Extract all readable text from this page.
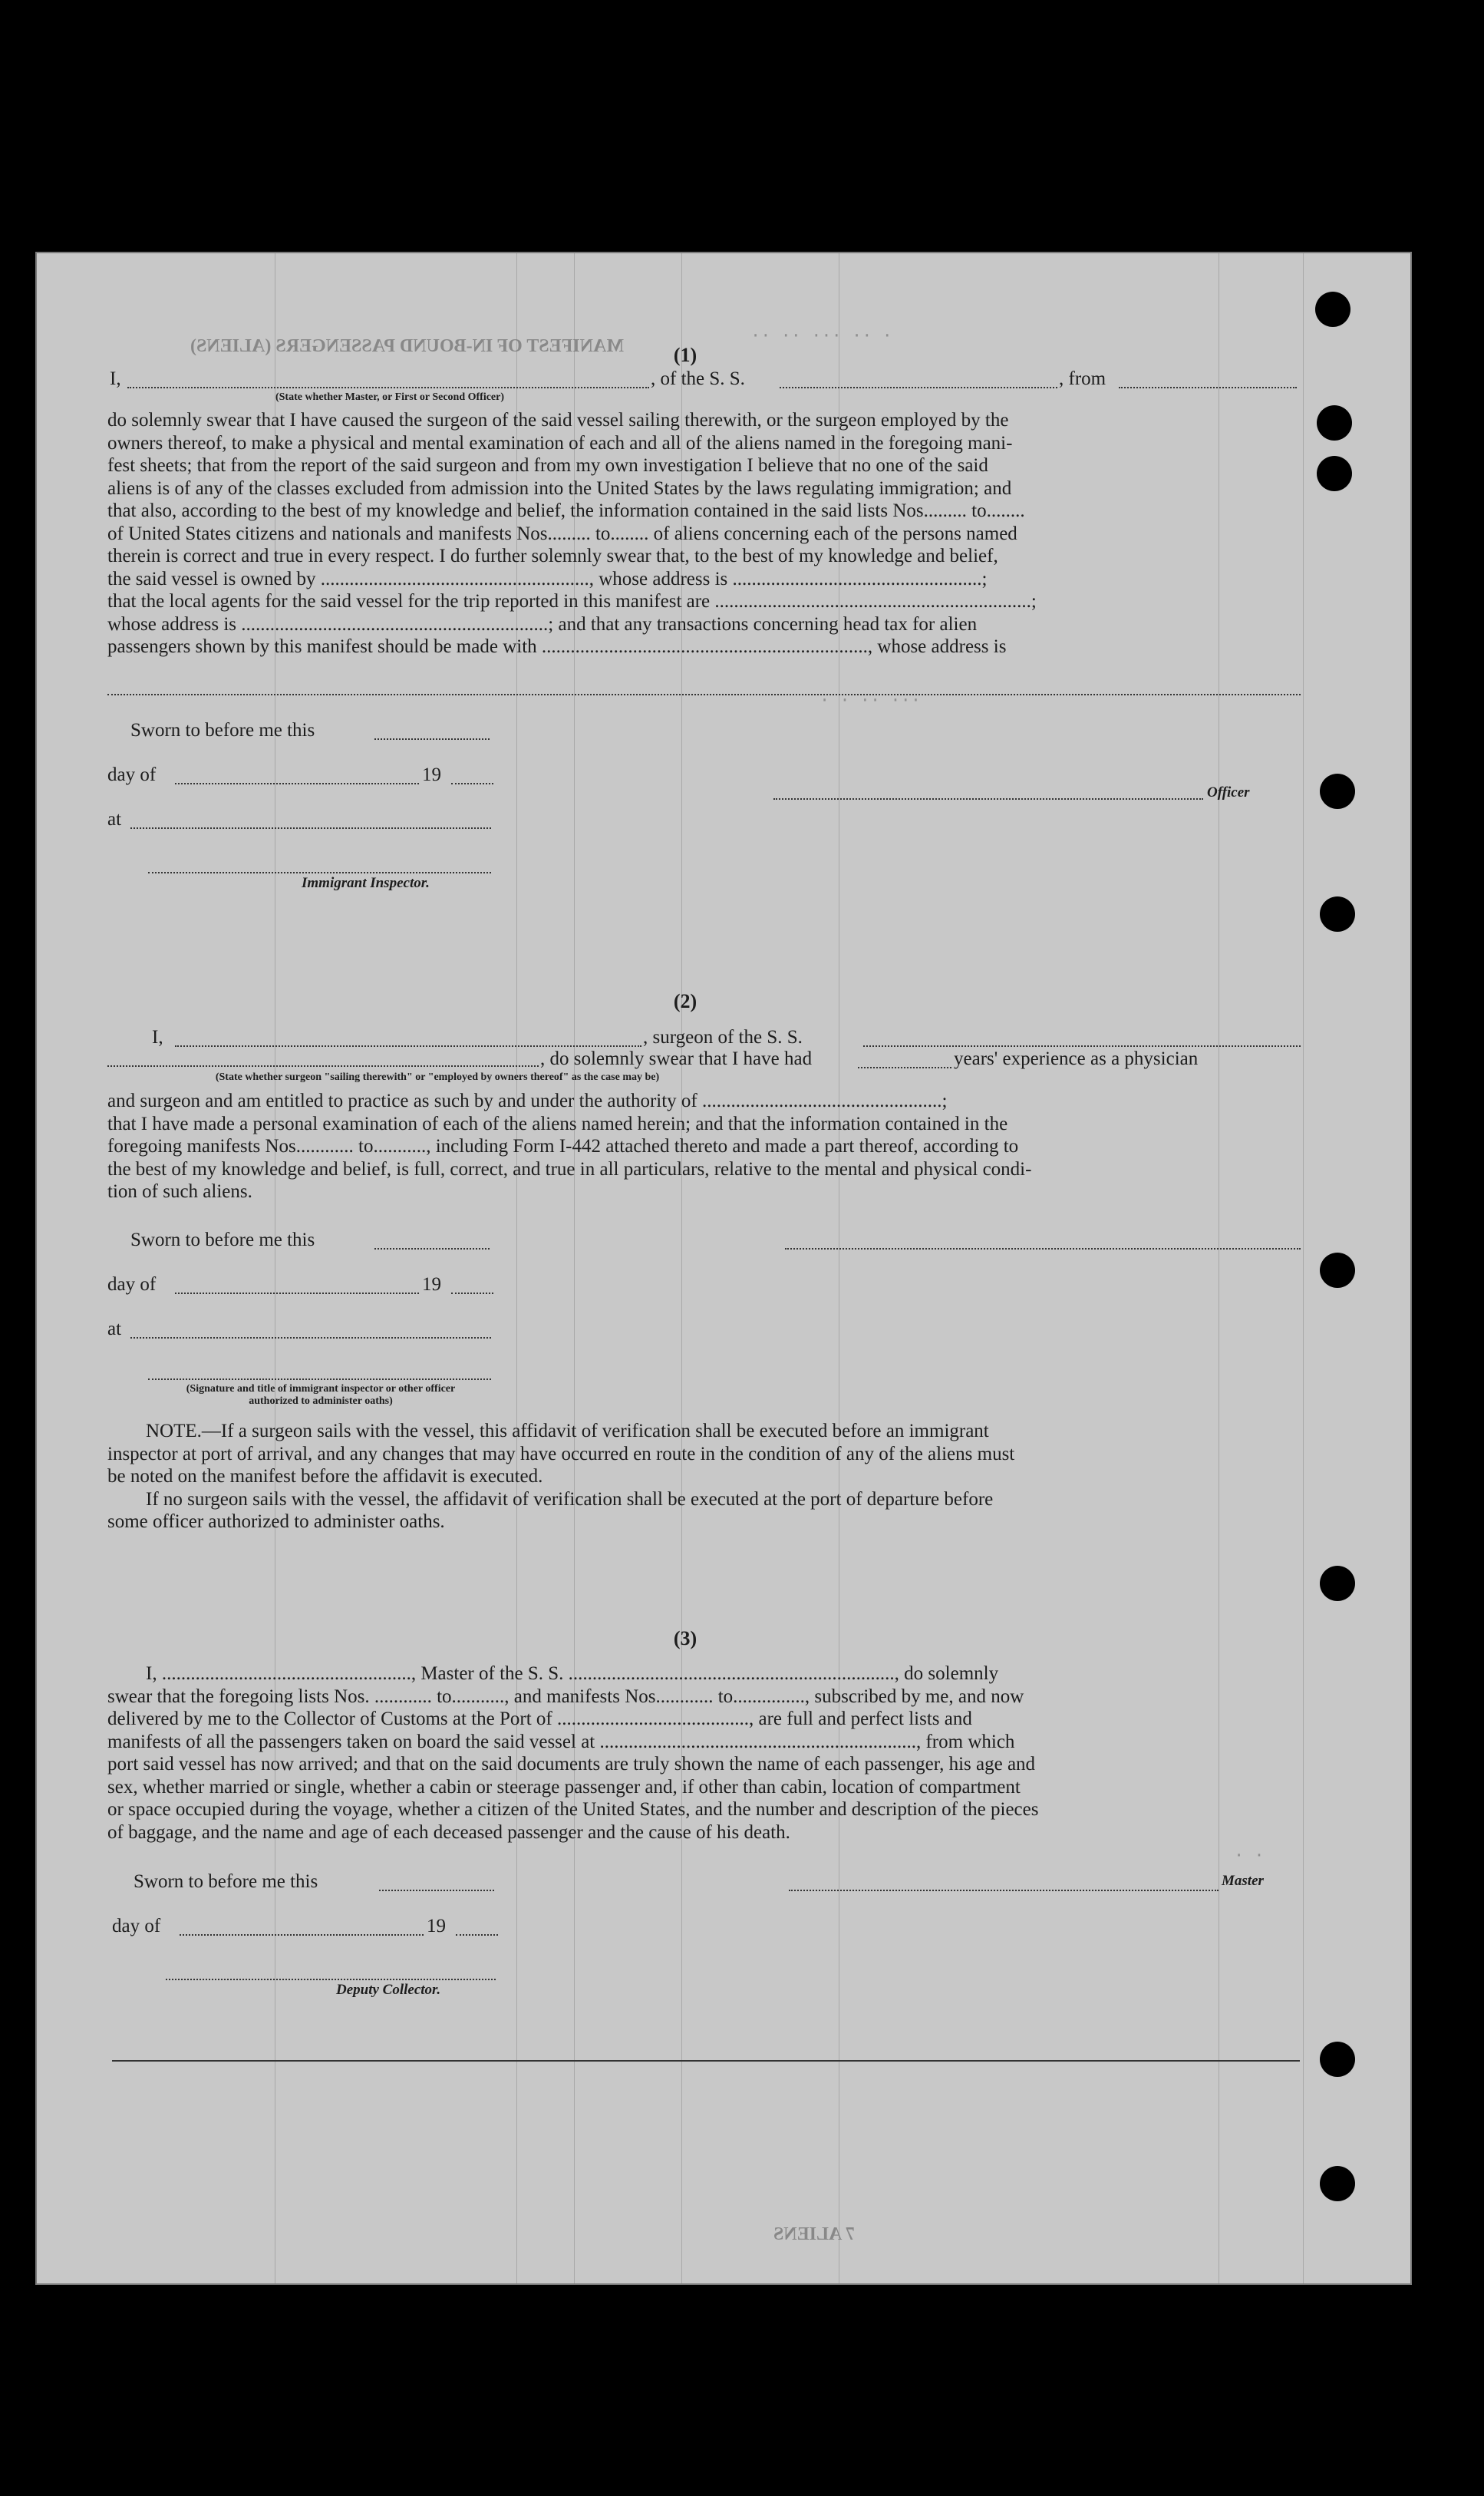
MANIFEST OF IN-BOUND PASSENGERS (ALIENS)
7 ALIENS
·· ·· ··· ·· ·
· · ·· ···
· ·
(1)
I,	, of the S. S.	, from
(State whether Master, or First or Second Officer)
do solemnly swear that I have caused the surgeon of the said vessel sailing therewith, or the surgeon employed by the
owners thereof, to make a physical and mental examination of each and all of the aliens named in the foregoing mani-
fest sheets; that from the report of the said surgeon and from my own investigation I believe that no one of the said
aliens is of any of the classes excluded from admission into the United States by the laws regulating immigration; and
that also, according to the best of my knowledge and belief, the information contained in the said lists Nos......... to........
of United States citizens and nationals and manifests Nos......... to........ of aliens concerning each of the persons named
therein is correct and true in every respect. I do further solemnly swear that, to the best of my knowledge and belief,
the said vessel is owned by ........................................................, whose address is ....................................................;
that the local agents for the said vessel for the trip reported in this manifest are ..................................................................;
whose address is ................................................................; and that any transactions concerning head tax for alien
passengers shown by this manifest should be made with ...................................................................., whose address is
Sworn to before me this
day of	19
at
Officer
Immigrant Inspector.
(2)
I,	, surgeon of the S. S.
, do solemnly swear that I have had	years' experience as a physician
(State whether surgeon "sailing therewith" or "employed by owners thereof" as the case may be)
and surgeon and am entitled to practice as such by and under the authority of ..................................................;
that I have made a personal examination of each of the aliens named herein; and that the information contained in the
foregoing manifests Nos............ to..........., including Form I-442 attached thereto and made a part thereof, according to
the best of my knowledge and belief, is full, correct, and true in all particulars, relative to the mental and physical condi-
tion of such aliens.
Sworn to before me this
day of	19
at
(Signature and title of immigrant inspector or other officer authorized to administer oaths)
NOTE.—If a surgeon sails with the vessel, this affidavit of verification shall be executed before an immigrant
inspector at port of arrival, and any changes that may have occurred en route in the condition of any of the aliens must
be noted on the manifest before the affidavit is executed.
If no surgeon sails with the vessel, the affidavit of verification shall be executed at the port of departure before
some officer authorized to administer oaths.
(3)
I, ...................................................., Master of the S. S. ...................................................................., do solemnly
swear that the foregoing lists Nos. ............ to..........., and manifests Nos............ to..............., subscribed by me, and now
delivered by me to the Collector of Customs at the Port of ........................................, are full and perfect lists and
manifests of all the passengers taken on board the said vessel at .................................................................., from which
port said vessel has now arrived; and that on the said documents are truly shown the name of each passenger, his age and
sex, whether married or single, whether a cabin or steerage passenger and, if other than cabin, location of compartment
or space occupied during the voyage, whether a citizen of the United States, and the number and description of the pieces
of baggage, and the name and age of each deceased passenger and the cause of his death.
Sworn to before me this	Master
day of	19
Deputy Collector.
